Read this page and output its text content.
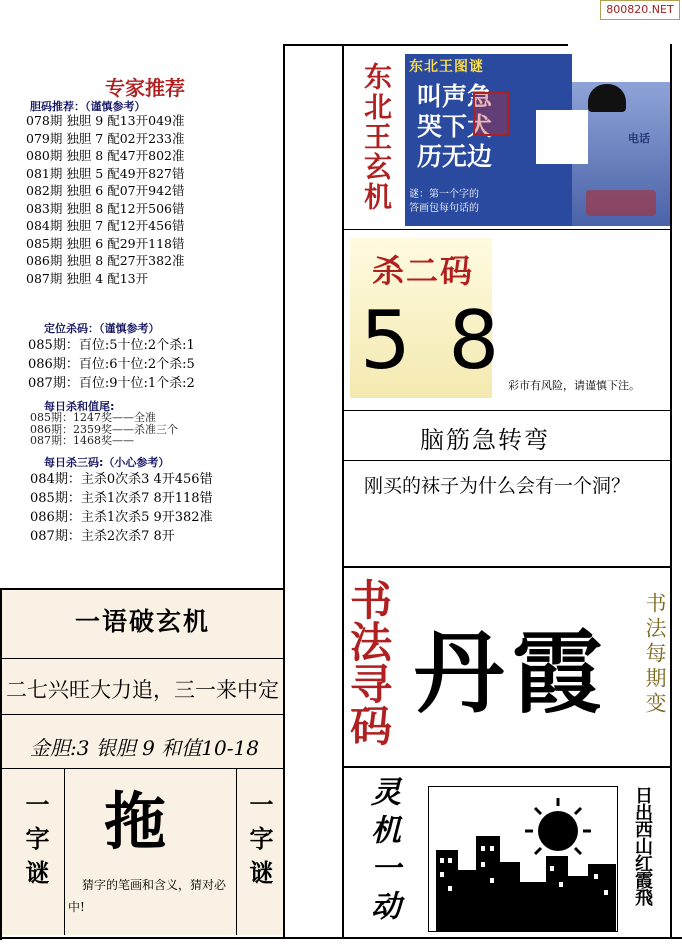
800820.NET
专家推荐
胆码推荐：（谨慎参考）
078期 独胆 9 配13开049准
079期 独胆 7 配02开233准
080期 独胆 8 配47开802准
081期 独胆 5 配49开827错
082期 独胆 6 配07开942错
083期 独胆 8 配12开506错
084期 独胆 7 配12开456错
085期 独胆 6 配29开118错
086期 独胆 8 配27开382准
087期 独胆 4 配13开
定位杀码：（谨慎参考）
085期：百位:5十位:2个杀:1
086期：百位:6十位:2个杀:5
087期：百位:9十位:1个杀:2
每日杀和值尾:
085期：1247奖——全准
086期：2359奖——杀准三个
087期：1468奖——
每日杀三码:（小心参考）
084期：主杀0次杀3 4开456错
085期：主杀1次杀7 8开118错
086期：主杀1次杀5 9开382准
087期：主杀2次杀7 8开
一语破玄机
二七兴旺大力追，三一来中定
金胆:3 银胆 9 和值10-18
一字谜	一字谜
拖
猜字的笔画和含义，猜对必中!
东北王玄机 东北王图谜
叫声急
哭下犬
历无边
谜：第一个字的
答画包每句话的
电话
杀二码
5 8 彩市有风险，请谨慎下注。
脑筋急转弯
刚买的袜子为什么会有一个洞？
书法寻码 丹霞 书法每期变
灵机一动	日出西山红霞飛
